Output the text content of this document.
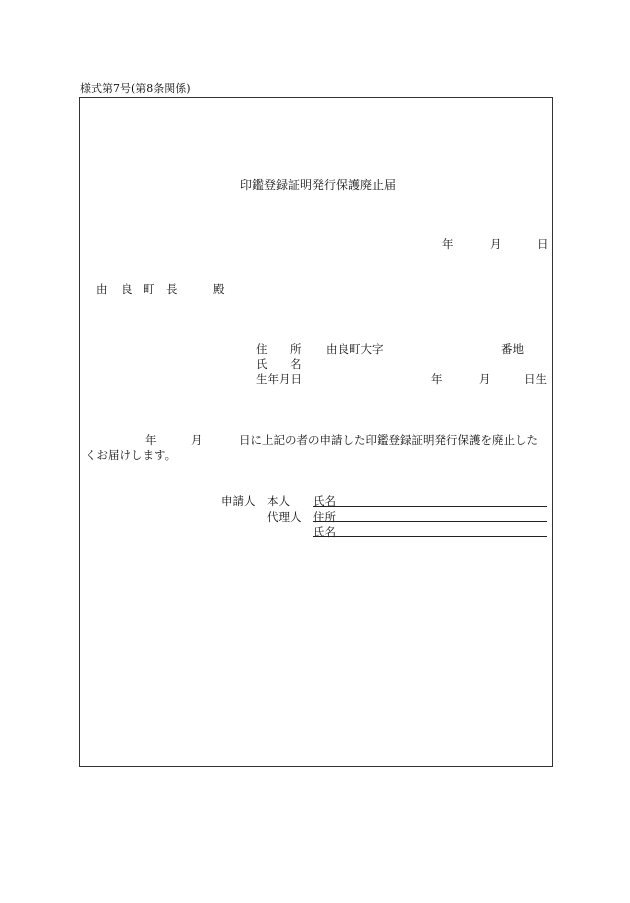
様式第7号(第8条関係)
印鑑登録証明発行保護廃止届
年	月	日
由 良 町 長	殿
住 所 由良町大字	番地
氏 名
生年月日	年	月	日生
年	月	日に上記の者の申請した印鑑登録証明発行保護を廃止した
くお届けします。
申請人 本人 氏名
代理人 住所
氏名
